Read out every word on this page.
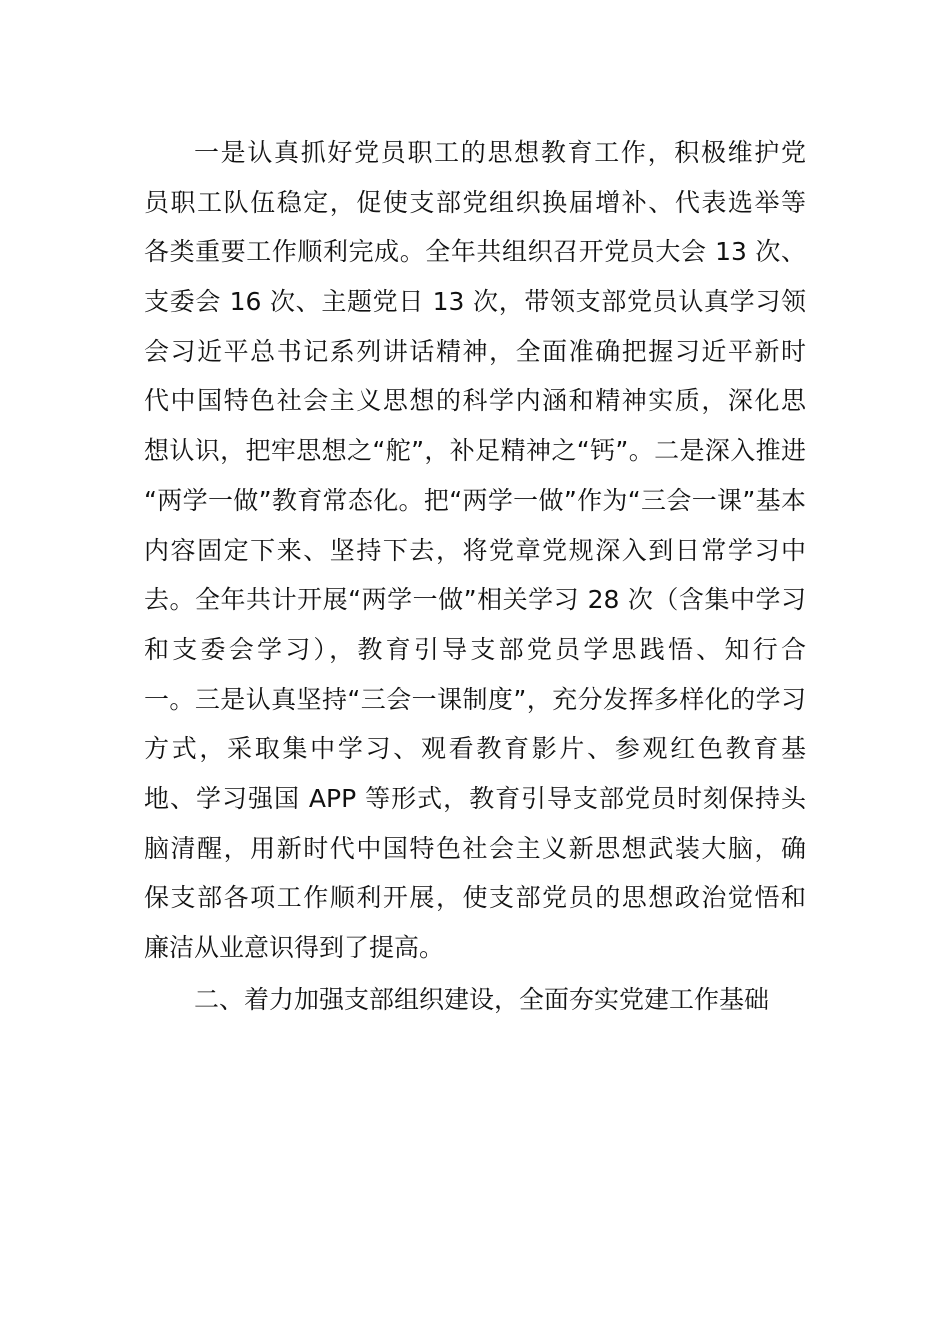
一是认真抓好党员职工的思想教育工作，积极维护党
员职工队伍稳定，促使支部党组织换届增补、代表选举等
各类重要工作顺利完成。全年共组织召开党员大会 13 次、
支委会 16 次、主题党日 13 次，带领支部党员认真学习领
会习近平总书记系列讲话精神，全面准确把握习近平新时
代中国特色社会主义思想的科学内涵和精神实质，深化思
想认识，把牢思想之“舵”，补足精神之“钙”。二是深入推进
“两学一做”教育常态化。把“两学一做”作为“三会一课”基本
内容固定下来、坚持下去，将党章党规深入到日常学习中
去。全年共计开展“两学一做”相关学习 28 次（含集中学习
和支委会学习），教育引导支部党员学思践悟、知行合
一。三是认真坚持“三会一课制度”，充分发挥多样化的学习
方式，采取集中学习、观看教育影片、参观红色教育基
地、学习强国 APP 等形式，教育引导支部党员时刻保持头
脑清醒，用新时代中国特色社会主义新思想武装大脑，确
保支部各项工作顺利开展，使支部党员的思想政治觉悟和
廉洁从业意识得到了提高。
二、着力加强支部组织建设，全面夯实党建工作基础
